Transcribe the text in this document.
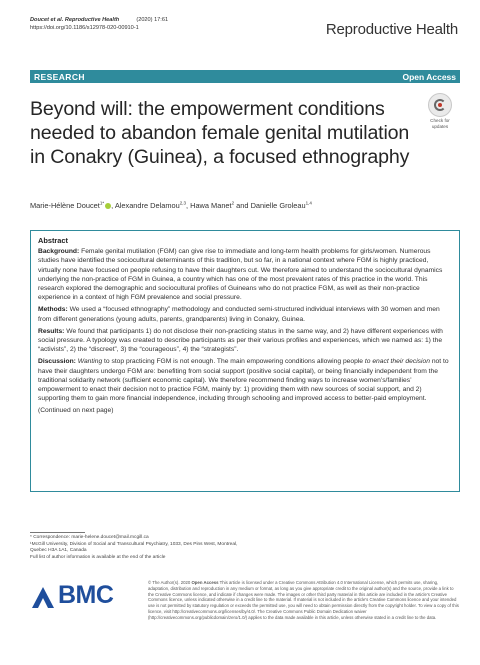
Doucet et al. Reproductive Health	(2020) 17:61
https://doi.org/10.1186/s12978-020-00910-1	Reproductive Health
RESEARCH	Open Access
Beyond will: the empowerment conditions needed to abandon female genital mutilation in Conakry (Guinea), a focused ethnography
Check for
updates
Marie-Hélène Doucet$^{1*}$ , Alexandre Delamou$^{2,3}$, Hawa Manet$^2$ and Danielle Groleau$^{1,4}$
Abstract

Background: Female genital mutilation (FGM) can give rise to immediate and long-term health problems for girls/women. Numerous studies have identified the sociocultural determinants of this tradition, but so far, in a national context where FGM is highly practiced, virtually none have focused on people refusing to have their daughters cut. We therefore aimed to understand the sociocultural dynamics underlying the non-practice of FGM in Guinea, a country which has one of the most prevalent rates of this practice in the world. This research explored the demographic and sociocultural profiles of Guineans who do not practice FGM, as well as their non-practice experience in a context of high FGM prevalence and social pressure.

Methods: We used a “focused ethnography” methodology and conducted semi-structured individual interviews with 30 women and men from different generations (young adults, parents, grandparents) living in Conakry, Guinea.

Results: We found that participants 1) do not disclose their non-practicing status in the same way, and 2) have different experiences with social pressure. A typology was created to describe participants as per their various profiles and experiences, which we named as: 1) the “activists”, 2) the “discreet”, 3) the “courageous”, 4) the “strategists”.

Discussion: Wanting to stop practicing FGM is not enough. The main empowering conditions allowing people to enact their decision not to have their daughters undergo FGM are: benefiting from social support (positive social capital), or being financially independent from the traditional solidarity network (sufficient economic capital). We therefore recommend finding ways to increase women’s/families’ empowerment to enact their decision not to practice FGM, mainly by: 1) providing them with new sources of social support, and 2) supporting them to gain more financial independence, including through schooling and improved access to better-paid employment.

(Continued on next page)

* Correspondence: marie-helene.doucet@mail.mcgill.ca
¹McGill University, Division of Social and Transcultural Psychiatry, 1033, Des Pins West, Montreal, Quebec H3A 1A1, Canada
Full list of author information is available at the end of the article
BMC	© The Author(s). 2020 Open Access This article is licensed under a Creative Commons Attribution 4.0 International License, which permits use, sharing, adaptation, distribution and reproduction in any medium or format, as long as you give appropriate credit to the original author(s) and the source, provide a link to the Creative Commons licence, and indicate if changes were made. The images or other third party material in this article are included in the article's Creative Commons licence, unless indicated otherwise in a credit line to the material. If material is not included in the article's Creative Commons licence and your intended use is not permitted by statutory regulation or exceeds the permitted use, you will need to obtain permission directly from the copyright holder. To view a copy of this licence, visit http://creativecommons.org/licenses/by/4.0/. The Creative Commons Public Domain Dedication waiver (http://creativecommons.org/publicdomain/zero/1.0/) applies to the data made available in this article, unless otherwise stated in a credit line to the data.
